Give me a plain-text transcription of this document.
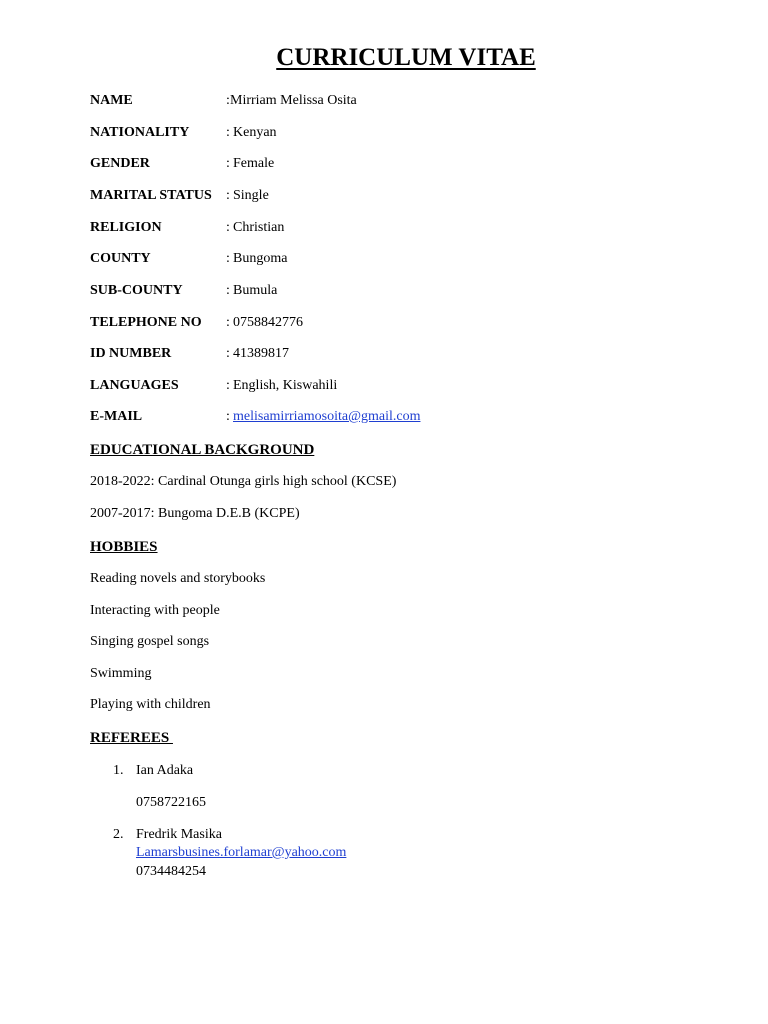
CURRICULUM VITAE
NAME	: Mirriam Melissa Osita
NATIONALITY	: Kenyan
GENDER	: Female
MARITAL STATUS : Single
RELIGION	: Christian
COUNTY	: Bungoma
SUB-COUNTY	: Bumula
TELEPHONE NO : 0758842776
ID NUMBER	: 41389817
LANGUAGES	: English, Kiswahili
E-MAIL	: melisamirriamosoita@gmail.com
EDUCATIONAL BACKGROUND
2018-2022: Cardinal Otunga girls high school (KCSE)
2007-2017: Bungoma D.E.B (KCPE)
HOBBIES
Reading novels and storybooks
Interacting with people
Singing gospel songs
Swimming
Playing with children
REFEREES
1. Ian Adaka
0758722165
2. Fredrik Masika
Lamarsbusines.forlamar@yahoo.com
0734484254
